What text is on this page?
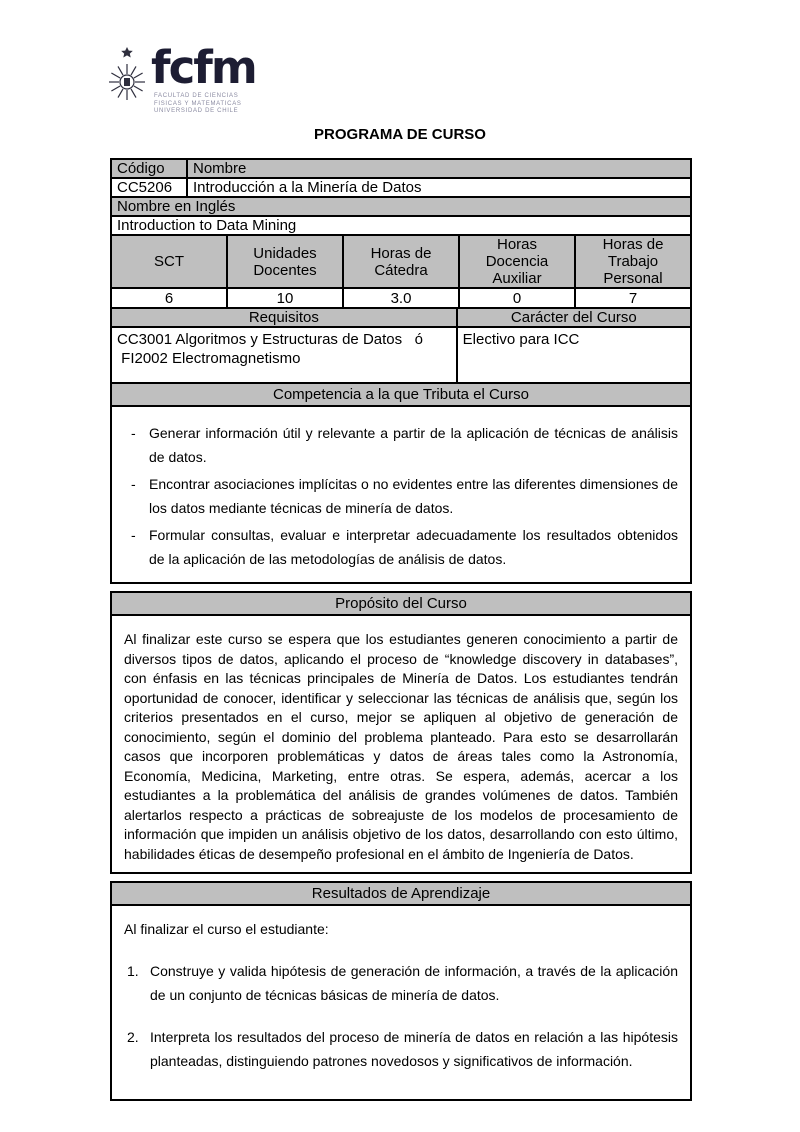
fcfm
FACULTAD DE CIENCIAS
FISICAS Y MATEMATICAS
UNIVERSIDAD DE CHILE
PROGRAMA DE CURSO
Código	Nombre
CC5206	Introducción a la Minería de Datos
Nombre en Inglés	
Introduction to Data Mining	
SCT	Unidades Docentes	Horas de Cátedra	Horas Docencia Auxiliar	Horas de Trabajo Personal
6	10	3.0	0	7
Requisitos	Carácter del Curso

CC3001 Algoritmos y Estructuras de Datos   ó
FI2002 Electromagnetismo	Electivo para ICC
Competencia a la que Tributa el Curso
- Generar información útil y relevante a partir de la aplicación de técnicas de análisis de datos.
- Encontrar asociaciones implícitas o no evidentes entre las diferentes dimensiones de los datos mediante técnicas de minería de datos.
- Formular consultas, evaluar e interpretar adecuadamente los resultados obtenidos de la aplicación de las metodologías de análisis de datos.
Propósito del Curso
Al finalizar este curso se espera que los estudiantes generen conocimiento a partir de diversos tipos de datos, aplicando el proceso de “knowledge discovery in databases”, con énfasis en las técnicas principales de Minería de Datos. Los estudiantes tendrán oportunidad de conocer, identificar y seleccionar las técnicas de análisis que, según los criterios presentados en el curso, mejor se apliquen al objetivo de generación de conocimiento, según el dominio del problema planteado. Para esto se desarrollarán casos que incorporen problemáticas y datos de áreas tales como la Astronomía, Economía, Medicina, Marketing, entre otras. Se espera, además, acercar a los estudiantes a la problemática del análisis de grandes volúmenes de datos. También alertarlos respecto a prácticas de sobreajuste de los modelos de procesamiento de información que impiden un análisis objetivo de los datos, desarrollando con esto último, habilidades éticas de desempeño profesional en el ámbito de Ingeniería de Datos.
Resultados de Aprendizaje
Al finalizar el curso el estudiante:
Construye y valida hipótesis de generación de información, a través de la aplicación de un conjunto de técnicas básicas de minería de datos.
Interpreta los resultados del proceso de minería de datos en relación a las hipótesis planteadas, distinguiendo patrones novedosos y significativos de información.
